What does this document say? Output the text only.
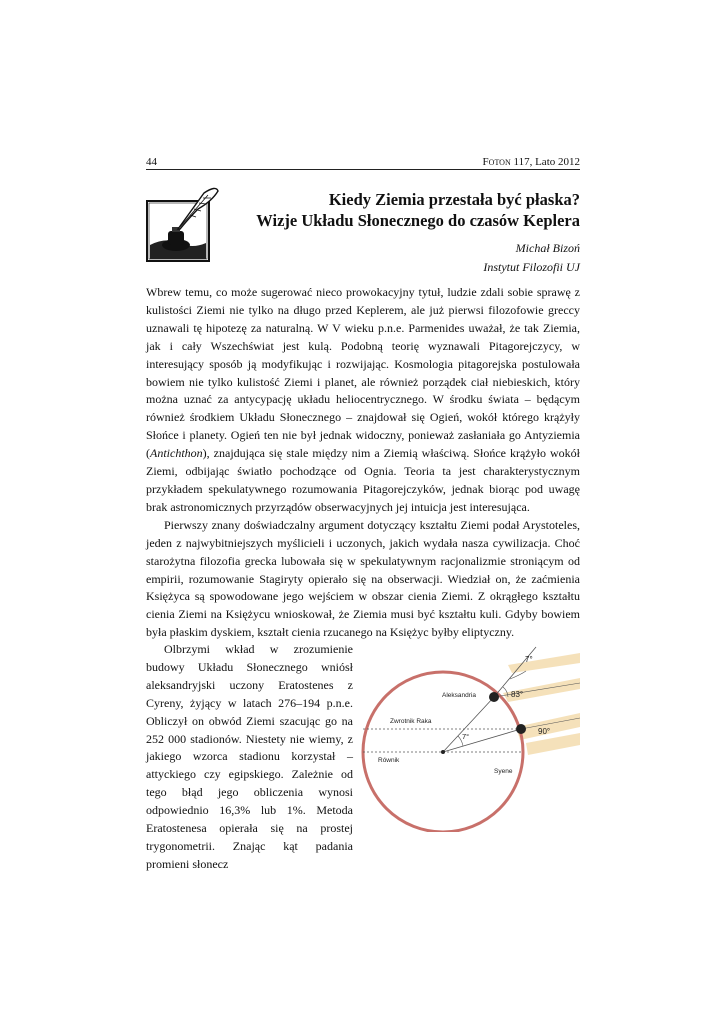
44	Foton 117, Lato 2012
Kiedy Ziemia przestała być płaska?
Wizje Układu Słonecznego do czasów Keplera
Michał Bizoń
Instytut Filozofii UJ

Wbrew temu, co może sugerować nieco prowokacyjny tytuł, ludzie zdali sobie sprawę z kulistości Ziemi nie tylko na długo przed Keplerem, ale już pierwsi filozofowie greccy uznawali tę hipotezę za naturalną. W V wieku p.n.e. Parmenides uważał, że tak Ziemia, jak i cały Wszechświat jest kulą. Podobną teorię wyznawali Pitagorejczycy, w interesujący sposób ją modyfikując i rozwijając. Kosmologia pitagorejska postulowała bowiem nie tylko kulistość Ziemi i planet, ale również porządek ciał niebieskich, który można uznać za antycypację układu heliocentrycznego. W środku świata – będącym również środkiem Układu Słonecznego – znajdował się Ogień, wokół którego krążyły Słońce i planety. Ogień ten nie był jednak widoczny, ponieważ zasłaniała go Antyziemia (Antichthon), znajdująca się stale między nim a Ziemią właściwą. Słońce krążyło wokół Ziemi, odbijając światło pochodzące od Ognia. Teoria ta jest charakterystycznym przykładem spekulatywnego rozumowania Pitagorejczyków, jednak biorąc pod uwagę brak astronomicznych przyrządów obserwacyjnych jej intuicja jest interesująca.

Pierwszy znany doświadczalny argument dotyczący kształtu Ziemi podał Arystoteles, jeden z najwybitniejszych myślicieli i uczonych, jakich wydała nasza cywilizacja. Choć starożytna filozofia grecka lubowała się w spekulatywnym racjonalizmie stroniącym od empirii, rozumowanie Stagiryty opierało się na obserwacji. Wiedział on, że zaćmienia Księżyca są spowodowane jego wejściem w obszar cienia Ziemi. Z okrągłego kształtu cienia Ziemi na Księżycu wnioskował, że Ziemia musi być kształtu kuli. Gdyby bowiem była płaskim dyskiem, kształt cienia rzucanego na Księżyc byłby eliptyczny.

Olbrzymi wkład w zrozumienie budowy Układu Słonecznego wniósł aleksandryjski uczony Eratostenes z Cyreny, żyjący w latach 276–194 p.n.e. Obliczył on obwód Ziemi szacując go na 252 000 stadionów. Niestety nie wiemy, z jakiego wzorca stadionu korzystał – attyckiego czy egipskiego. Zależnie od tego błąd jego obliczenia wynosi odpowiednio 16,3% lub 1%. Metoda Eratostenesa opierała się na prostej trygonometrii. Znając kąt padania promieni słonecz

7°
83°
90°
7°
Aleksandria
Zwrotnik Raka
Równik
Syene
